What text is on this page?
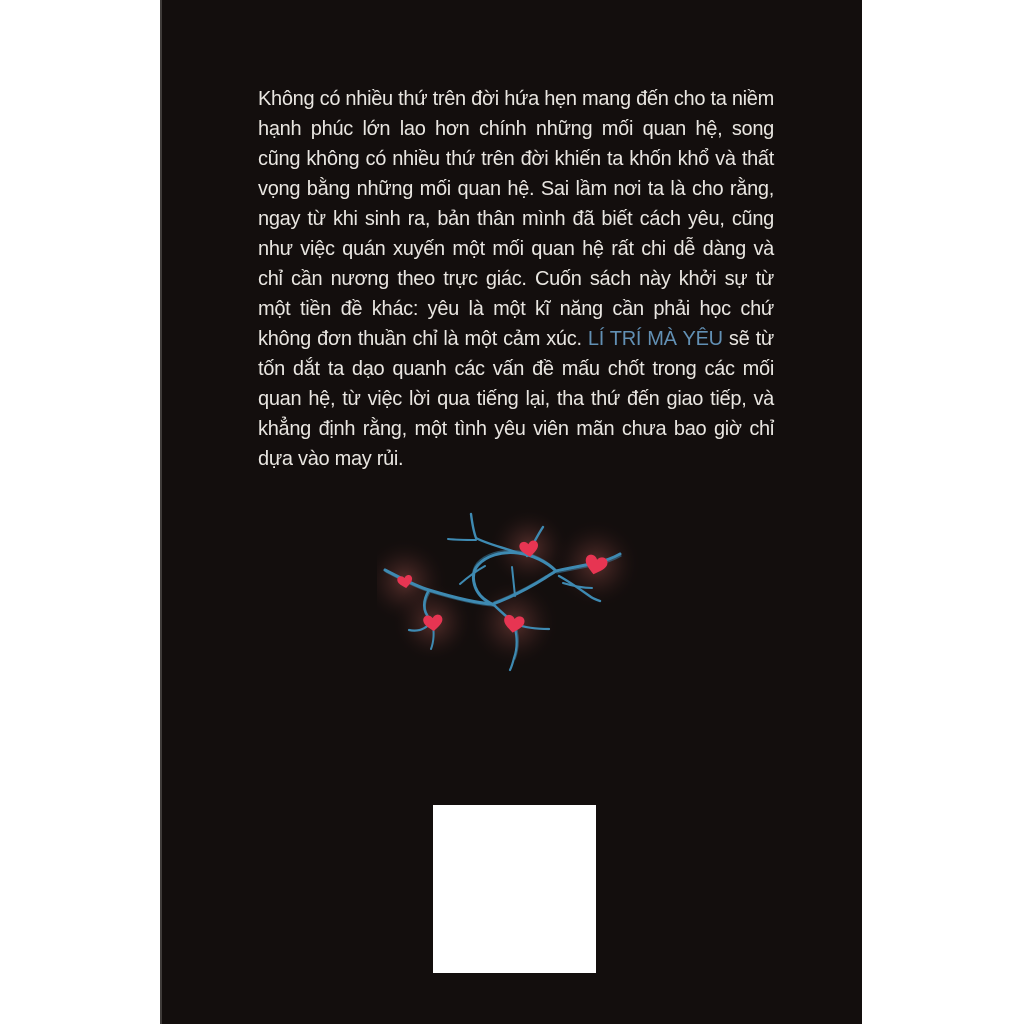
Không có nhiều thứ trên đời hứa hẹn mang đến cho ta niềm hạnh phúc lớn lao hơn chính những mối quan hệ, song cũng không có nhiều thứ trên đời khiến ta khốn khổ và thất vọng bằng những mối quan hệ. Sai lầm nơi ta là cho rằng, ngay từ khi sinh ra, bản thân mình đã biết cách yêu, cũng như việc quán xuyến một mối quan hệ rất chi dễ dàng và chỉ cần nương theo trực giác. Cuốn sách này khởi sự từ một tiền đề khác: yêu là một kĩ năng cần phải học chứ không đơn thuần chỉ là một cảm xúc. LÍ TRÍ MÀ YÊU sẽ từ tốn dắt ta dạo quanh các vấn đề mấu chốt trong các mối quan hệ, từ việc lời qua tiếng lại, tha thứ đến giao tiếp, và khẳng định rằng, một tình yêu viên mãn chưa bao giờ chỉ dựa vào may rủi.
